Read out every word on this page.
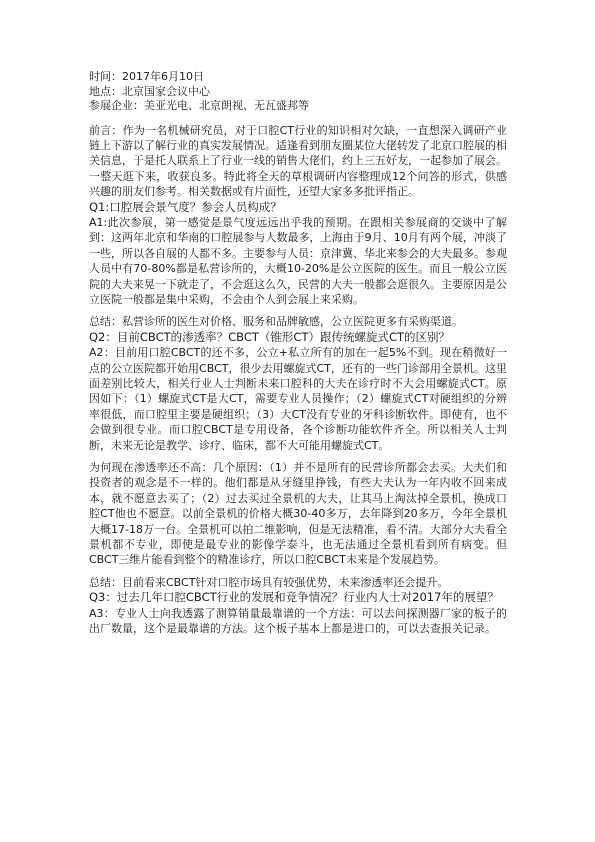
时间：2017年6月10日

地点：北京国家会议中心

参展企业：美亚光电、北京朗视、无瓦盛邦等

前言：作为一名机械研究员，对于口腔CT行业的知识相对欠缺，一直想深入调研产业链上下游以了解行业的真实发展情况。适逢看到朋友圈某位大佬转发了北京口腔展的相关信息，于是托人联系上了行业一线的销售大佬们，约上三五好友，一起参加了展会。一整天逛下来，收获良多。特此将全天的草根调研内容整理成12个问答的形式，供感兴趣的朋友们参考。相关数据或有片面性，还望大家多多批评指正。

Q1:口腔展会景气度？参会人员构成？

A1:此次参展，第一感觉是景气度远远出乎我的预期。在跟相关参展商的交谈中了解到：这两年北京和华南的口腔展参与人数最多，上海由于9月、10月有两个展，冲淡了一些，所以各自展的人都不多。主要参与人员：京津冀、华北来参会的大夫最多。参观人员中有70-80%都是私营诊所的，大概10-20%是公立医院的医生。而且一般公立医院的大夫来晃一下就走了，不会逛这么久，民营的大夫一般都会逛很久。主要原因是公立医院一般都是集中采购，不会由个人到会展上来采购。

总结：私营诊所的医生对价格、服务和品牌敏感，公立医院更多有采购渠道。

Q2：目前CBCT的渗透率？CBCT（锥形CT）跟传统螺旋式CT的区别？

A2：目前用口腔CBCT的还不多，公立+私立所有的加在一起5%不到。现在稍微好一点的公立医院都开始用CBCT，很少去用螺旋式CT，还有的一些门诊部用全景机。这里面差别比较大，相关行业人士判断未来口腔科的大夫在诊疗时不大会用螺旋式CT。原因如下：（1）螺旋式CT是大CT，需要专业人员操作；（2）螺旋式CT对硬组织的分辨率很低，而口腔里主要是硬组织；（3）大CT没有专业的牙科诊断软件。即使有，也不会做到很专业。而口腔CBCT是专用设备，各个诊断功能软件齐全。所以相关人士判断，未来无论是教学、诊疗、临床，都不大可能用螺旋式CT。

为何现在渗透率还不高：几个原因：（1）并不是所有的民营诊所都会去买。大夫们和投资者的观念是不一样的。他们都是从牙缝里挣钱，有些大夫认为一年内收不回来成本，就不愿意去买了；（2）过去买过全景机的大夫，让其马上淘汰掉全景机，换成口腔CT他也不愿意。以前全景机的价格大概30-40多万，去年降到20多万，今年全景机大概17-18万一台。全景机可以拍二维影响，但是无法精准，看不清。大部分大夫看全景机都不专业，即使是最专业的影像学泰斗，也无法通过全景机看到所有病变。但CBCT三维片能看到整个的精准诊疗，所以口腔CBCT未来是个发展趋势。

总结：目前看来CBCT针对口腔市场具有较强优势，未来渗透率还会提升。

Q3：过去几年口腔CBCT行业的发展和竞争情况？行业内人士对2017年的展望？

A3：专业人士向我透露了测算销量最靠谱的一个方法：可以去问探测器厂家的板子的出厂数量，这个是最靠谱的方法。这个板子基本上都是进口的，可以去查报关记录。
